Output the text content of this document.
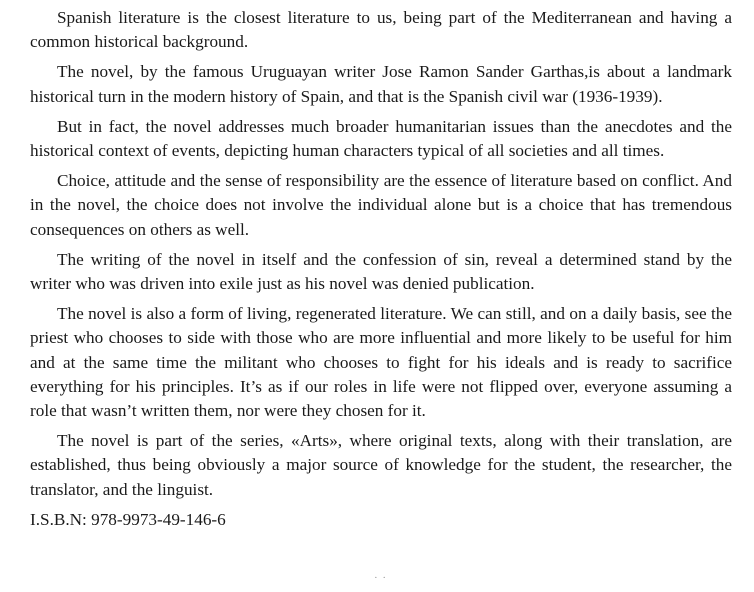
Spanish literature is the closest literature to us, being part of the Mediterranean and having a common historical background.

The novel, by the famous Uruguayan writer Jose Ramon Sander Garthas,is about a landmark historical turn in the modern history of Spain, and that is the Spanish civil war (1936-1939).

But in fact, the novel addresses much broader humanitarian issues than the anecdotes and the historical context of events, depicting human characters typical of all societies and all times.

Choice, attitude and the sense of responsibility are the essence of literature based on conflict. And in the novel, the choice does not involve the individual alone but is a choice that has tremendous consequences on others as well.

The writing of the novel in itself and the confession of sin, reveal a determined stand by the writer who was driven into exile just as his novel was denied publication.

The novel is also a form of living, regenerated literature. We can still, and on a daily basis, see the priest who chooses to side with those who are more influential and more likely to be useful for him and at the same time the militant who chooses to fight for his ideals and is ready to sacrifice everything for his principles. It’s as if our roles in life were not flipped over, everyone assuming a role that wasn’t written them, nor were they chosen for it.

The novel is part of the series, «Arts», where original texts, along with their translation, are established, thus being obviously a major source of knowledge for the student, the researcher, the translator, and the linguist.

I.S.B.N: 978-9973-49-146-6

· ·
